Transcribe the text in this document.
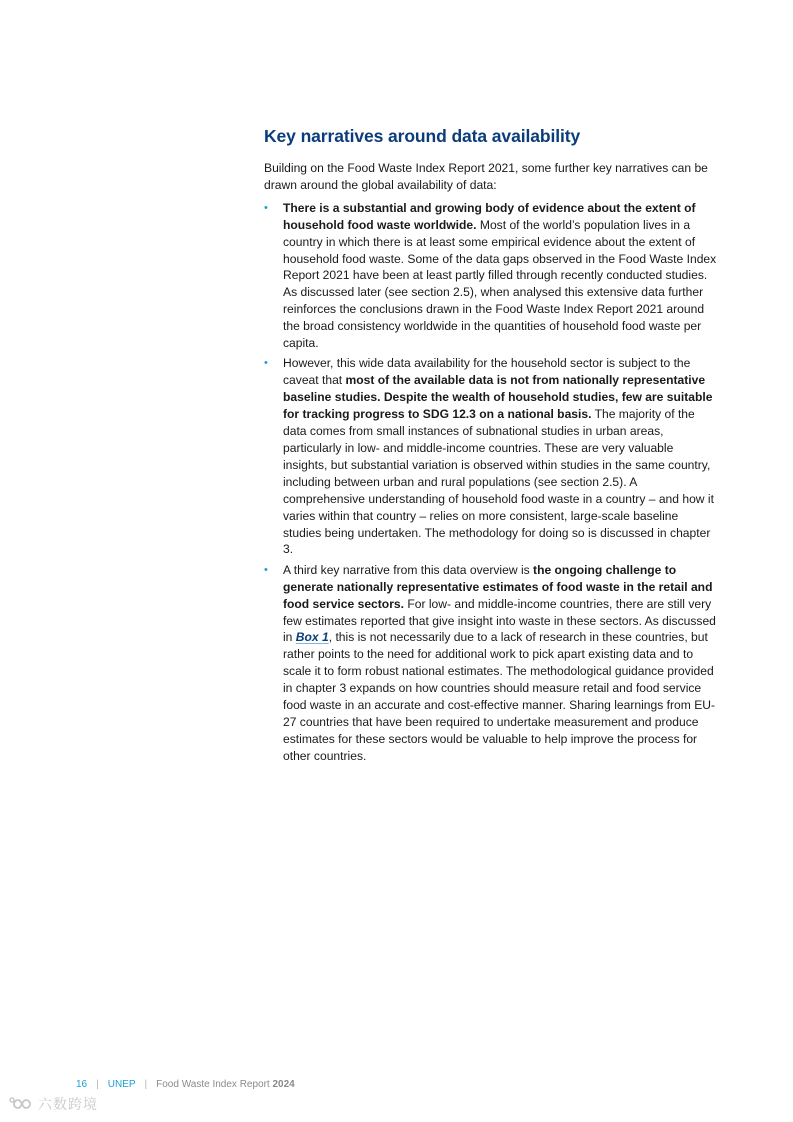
Key narratives around data availability

Building on the Food Waste Index Report 2021, some further key narratives can be drawn around the global availability of data:

• There is a substantial and growing body of evidence about the extent of household food waste worldwide. Most of the world’s population lives in a country in which there is at least some empirical evidence about the extent of household food waste. Some of the data gaps observed in the Food Waste Index Report 2021 have been at least partly filled through recently conducted studies. As discussed later (see section 2.5), when analysed this extensive data further reinforces the conclusions drawn in the Food Waste Index Report 2021 around the broad consistency worldwide in the quantities of household food waste per capita.

• However, this wide data availability for the household sector is subject to the caveat that most of the available data is not from nationally representative baseline studies. Despite the wealth of household studies, few are suitable for tracking progress to SDG 12.3 on a national basis. The majority of the data comes from small instances of subnational studies in urban areas, particularly in low- and middle-income countries. These are very valuable insights, but substantial variation is observed within studies in the same country, including between urban and rural populations (see section 2.5). A comprehensive understanding of household food waste in a country – and how it varies within that country – relies on more consistent, large-scale baseline studies being undertaken. The methodology for doing so is discussed in chapter 3.

• A third key narrative from this data overview is the ongoing challenge to generate nationally representative estimates of food waste in the retail and food service sectors. For low- and middle-income countries, there are still very few estimates reported that give insight into waste in these sectors. As discussed in Box 1, this is not necessarily due to a lack of research in these countries, but rather points to the need for additional work to pick apart existing data and to scale it to form robust national estimates. The methodological guidance provided in chapter 3 expands on how countries should measure retail and food service food waste in an accurate and cost-effective manner. Sharing learnings from EU-27 countries that have been required to undertake measurement and produce estimates for these sectors would be valuable to help improve the process for other countries.

16 | UNEP | Food Waste Index Report 2024
六数跨境
